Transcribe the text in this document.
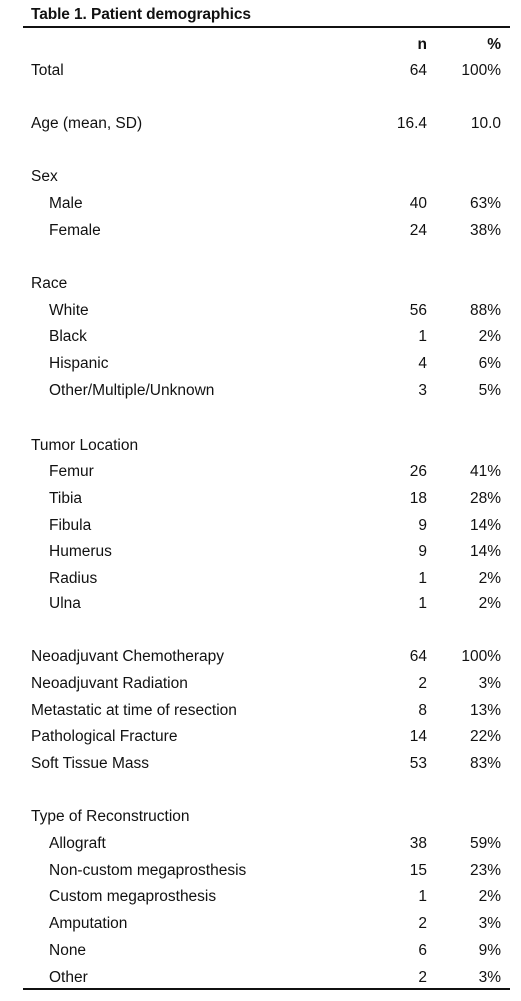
Table 1. Patient demographics
n	%
Total	64 100%
Age (mean, SD)	16.4	10.0
Sex
Male	40	63%
Female	24	38%
Race
White	56	88%
Black	1	2%
Hispanic	4	6%
Other/Multiple/Unknown	3	5%
Tumor Location
Femur	26	41%
Tibia	18	28%
Fibula	9	14%
Humerus	9	14%
Radius	1	2%
Ulna	1	2%
Neoadjuvant Chemotherapy	64 100%
Neoadjuvant Radiation	2	3%
Metastatic at time of resection	8	13%
Pathological Fracture	14	22%
Soft Tissue Mass	53	83%
Type of Reconstruction
Allograft	38	59%
Non-custom megaprosthesis	15	23%
Custom megaprosthesis	1	2%
Amputation	2	3%
None	6	9%
Other	2	3%
